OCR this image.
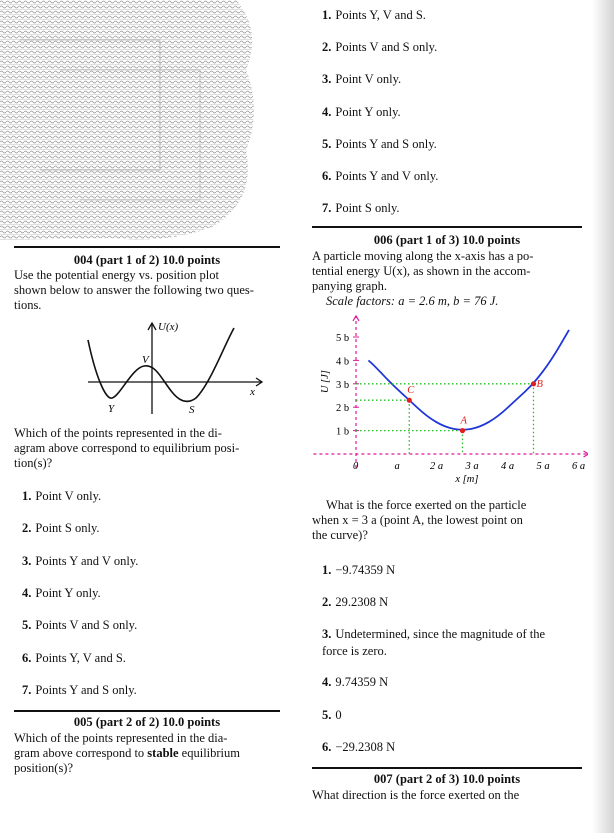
1. Points Y, V and S.
2. Points V and S only.
3. Point V only.
4. Point Y only.
5. Points Y and S only.
6. Points Y and V only.
7. Point S only.
004 (part 1 of 2) 10.0 points
Use the potential energy vs. position plot
shown below to answer the following two ques-
tions.
U(x)
x
V
Y	S
Which of the points represented in the di-
agram above correspond to equilibrium posi-
tion(s)?
1. Point V only.
2. Point S only.
3. Points Y and V only.
4. Point Y only.
5. Points V and S only.
6. Points Y, V and S.
7. Points Y and S only.
005 (part 2 of 2) 10.0 points
Which of the points represented in the dia-
gram above correspond to stable equilibrium
position(s)?
006 (part 1 of 3) 10.0 points
A particle moving along the x-axis has a po-
tential energy U(x), as shown in the accom-
panying graph.
Scale factors: a = 2.6 m, b = 76 J.
5 b
4 b
3 b
2 b
1 b
0	a	2 a 3 a 4 a 5 a 6 a
U [J]
x [m]
C
A
B
What is the force exerted on the particle
when x = 3 a (point A, the lowest point on
the curve)?
1. −9.74359 N
2. 29.2308 N
3. Undetermined, since the magnitude of the
force is zero.
4. 9.74359 N
5. 0
6. −29.2308 N
007 (part 2 of 3) 10.0 points
What direction is the force exerted on the
